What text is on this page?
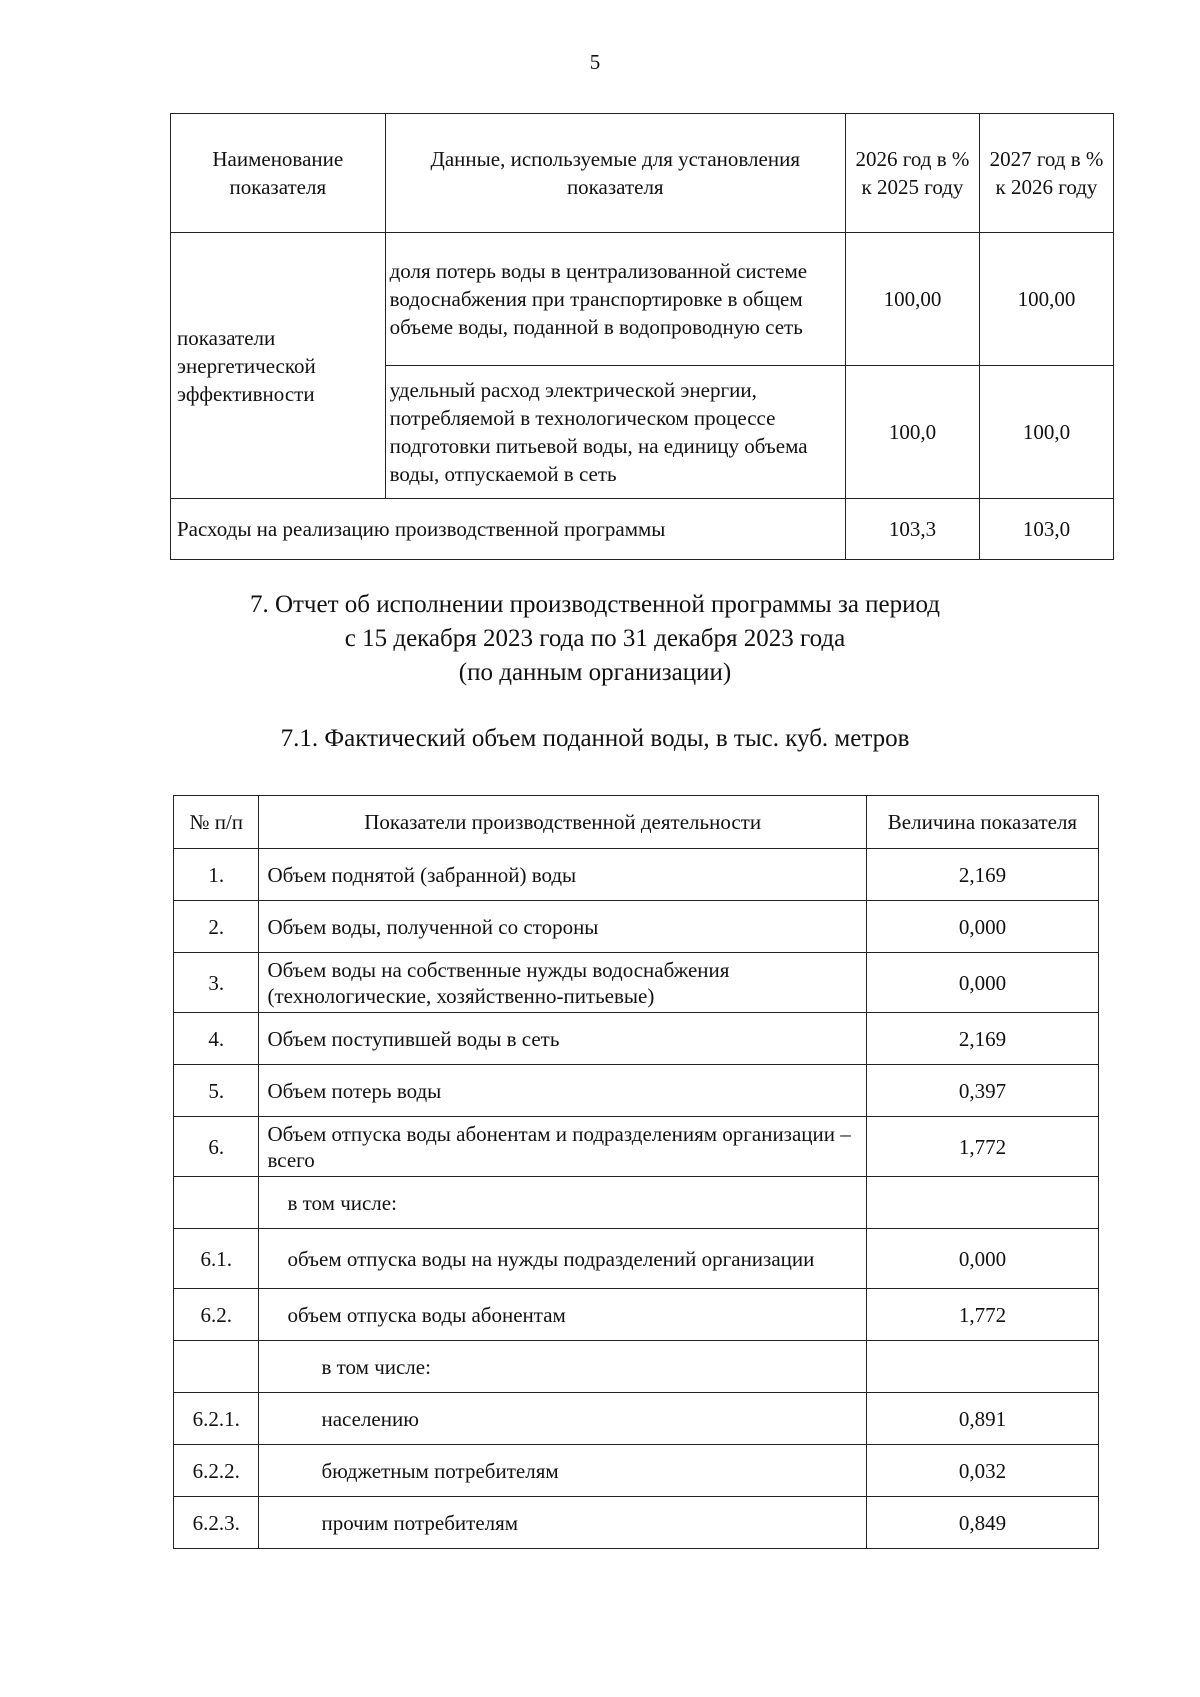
5
Наименование показателя	Данные, используемые для установления показателя	2026 год в % к 2025 году	2027 год в % к 2026 году
показатели энергетической эффективности	доля потерь воды в централизованной системе водоснабжения при транспортировке в общем объеме воды, поданной в водопроводную сеть	100,00	100,00
	удельный расход электрической энергии, потребляемой в технологическом процессе подготовки питьевой воды, на единицу объема воды, отпускаемой в сеть	100,0	100,0
Расходы на реализацию производственной программы		103,3	103,0
7. Отчет об исполнении производственной программы за период
с 15 декабря 2023 года по 31 декабря 2023 года
(по данным организации)
7.1. Фактический объем поданной воды, в тыс. куб. метров
№ п/п	Показатели производственной деятельности	Величина показателя
1.	Объем поднятой (забранной) воды	2,169
2.	Объем воды, полученной со стороны	0,000
3.	Объем воды на собственные нужды водоснабжения (технологические, хозяйственно-питьевые)	0,000
4.	Объем поступившей воды в сеть	2,169
5.	Объем потерь воды	0,397
6.	Объем отпуска воды абонентам и подразделениям организации – всего	1,772
	в том числе:	
6.1.	объем отпуска воды на нужды подразделений организации	0,000
6.2.	объем отпуска воды абонентам	1,772
	в том числе:	
6.2.1.	населению	0,891
6.2.2.	бюджетным потребителям	0,032
6.2.3.	прочим потребителям	0,849
